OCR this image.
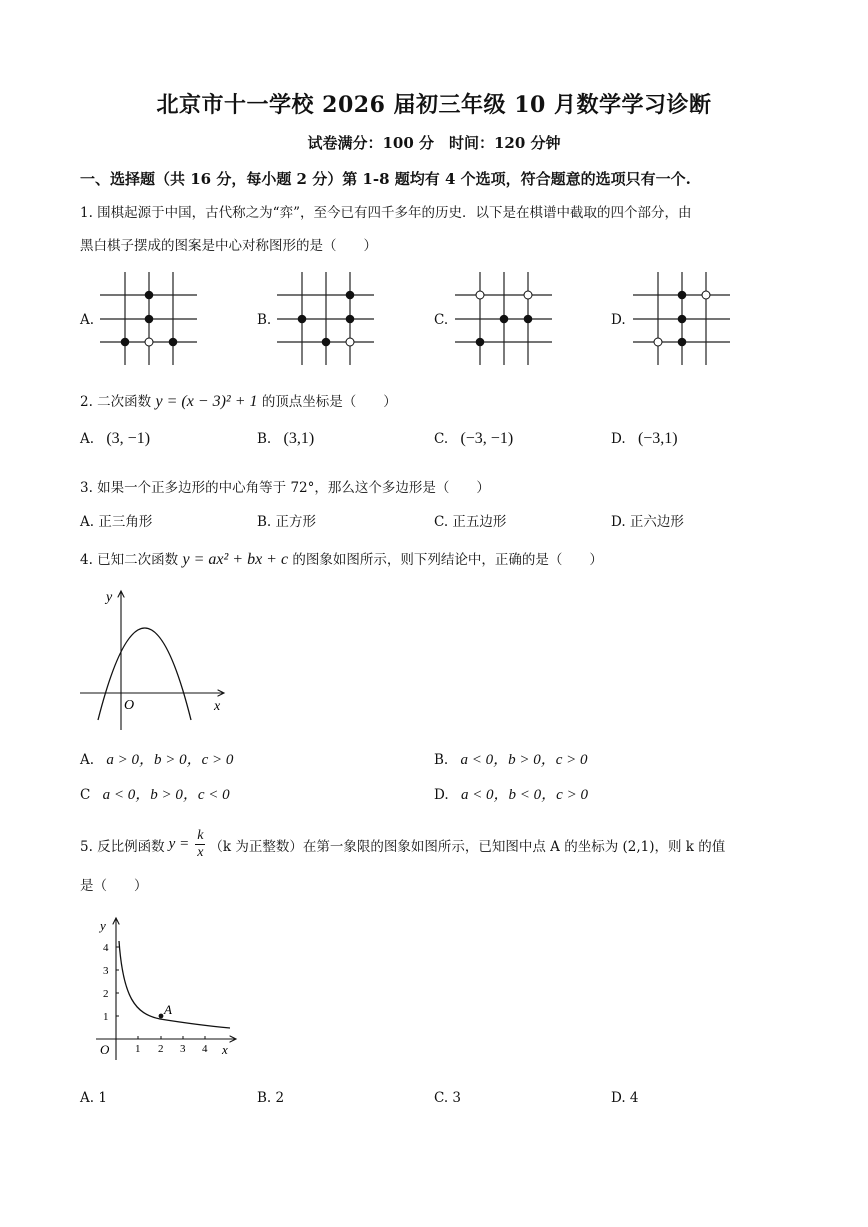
北京市十一学校 2026 届初三年级 10 月数学学习诊断
试卷满分：100 分　时间：120 分钟
一、选择题（共 16 分，每小题 2 分）第 1-8 题均有 4 个选项，符合题意的选项只有一个.
1. 围棋起源于中国，古代称之为“弈”，至今已有四千多年的历史．以下是在棋谱中截取的四个部分，由
黑白棋子摆成的图案是中心对称图形的是（　　）
A.	B.	C.	D.
2. 二次函数 y = (x − 3)² + 1 的顶点坐标是（　　）
A. (3, −1)	B. (3,1)	C. (−3, −1)	D. (−3,1)
3. 如果一个正多边形的中心角等于 72°，那么这个多边形是（　　）
A. 正三角形	B. 正方形	C. 正五边形	D. 正六边形
4. 已知二次函数 y = ax² + bx + c 的图象如图所示，则下列结论中，正确的是（　　）
y
x
O
A. a > 0，b > 0，c > 0	B. a < 0，b > 0，c > 0
C a < 0，b > 0，c < 0	D. a < 0，b < 0，c > 0
5. 反比例函数 $y = \frac{k}{x} (k$ 为正整数）在第一象限的图象如图所示，已知图中点 A 的坐标为 (2,1)，则 k 的值
是（　　）
A
y
x
O 1 2 3 4
1
2
3
4
A. 1	B. 2	C. 3	D. 4
